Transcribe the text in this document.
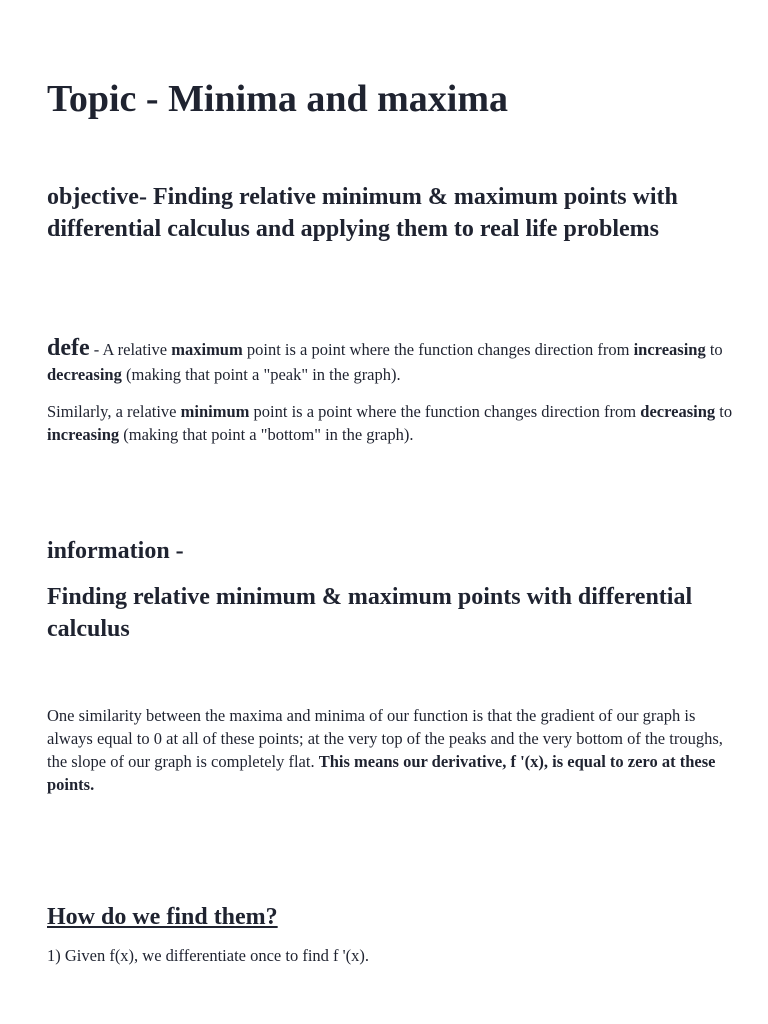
Topic - Minima and maxima
objective- Finding relative minimum & maximum points with differential calculus and applying them to real life problems

defe - A relative maximum point is a point where the function changes direction from increasing to decreasing (making that point a "peak" in the graph).

Similarly, a relative minimum point is a point where the function changes direction from decreasing to increasing (making that point a "bottom" in the graph).

information -
Finding relative minimum & maximum points with differential calculus

One similarity between the maxima and minima of our function is that the gradient of our graph is always equal to 0 at all of these points; at the very top of the peaks and the very bottom of the troughs, the slope of our graph is completely flat. This means our derivative, f '(x), is equal to zero at these points.

How do we find them?

1) Given f(x), we differentiate once to find f '(x).
